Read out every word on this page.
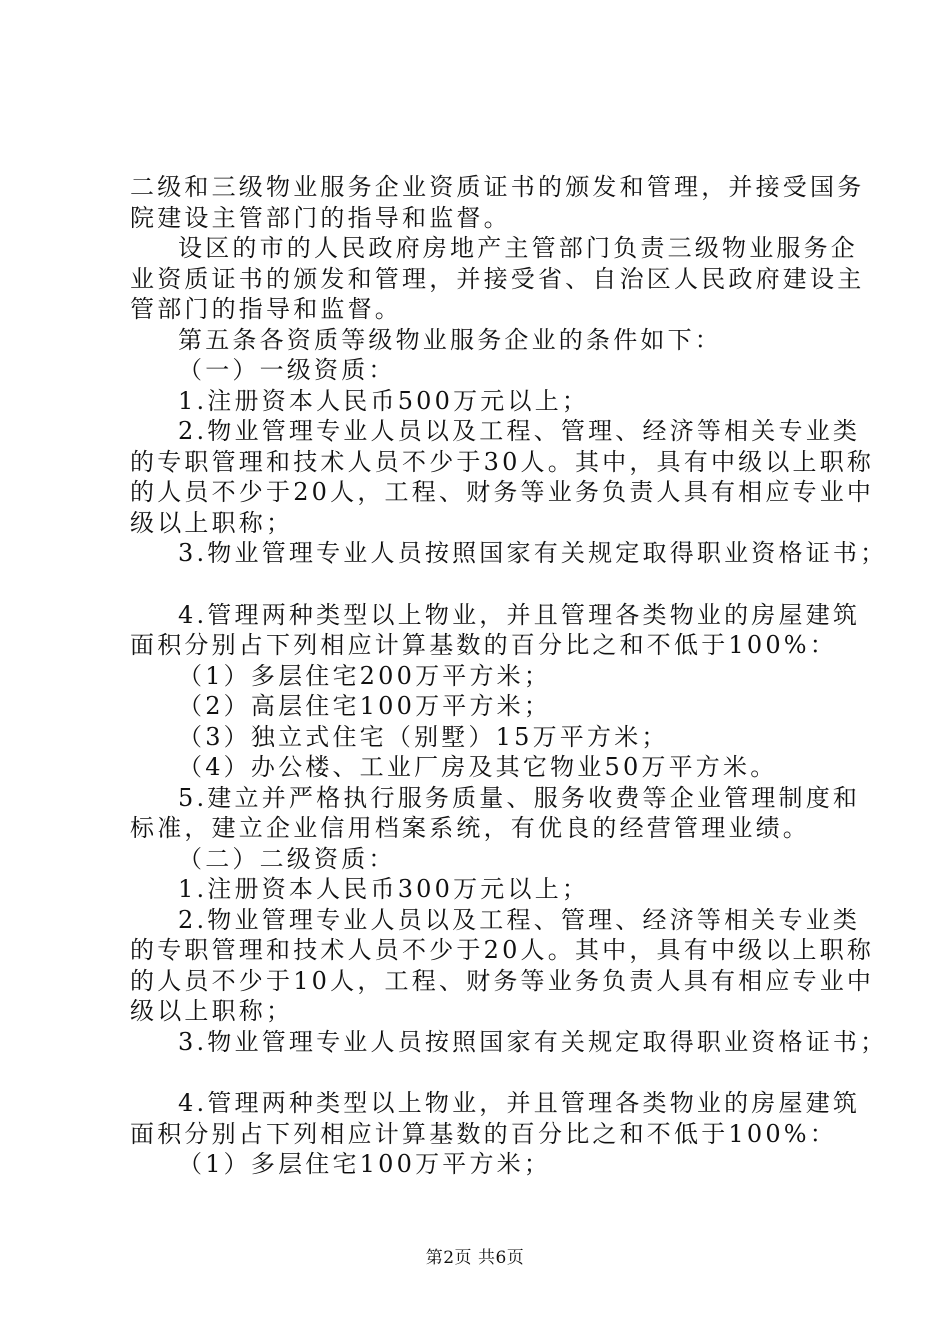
二级和三级物业服务企业资质证书的颁发和管理，并接受国务
院建设主管部门的指导和监督。
设区的市的人民政府房地产主管部门负责三级物业服务企
业资质证书的颁发和管理，并接受省、自治区人民政府建设主
管部门的指导和监督。
第五条各资质等级物业服务企业的条件如下：
（一）一级资质：
1.注册资本人民币500万元以上；
2.物业管理专业人员以及工程、管理、经济等相关专业类
的专职管理和技术人员不少于30人。其中，具有中级以上职称
的人员不少于20人，工程、财务等业务负责人具有相应专业中
级以上职称；
3.物业管理专业人员按照国家有关规定取得职业资格证书；
4.管理两种类型以上物业，并且管理各类物业的房屋建筑
面积分别占下列相应计算基数的百分比之和不低于100%：
（1）多层住宅200万平方米；
（2）高层住宅100万平方米；
（3）独立式住宅（别墅）15万平方米；
（4）办公楼、工业厂房及其它物业50万平方米。
5.建立并严格执行服务质量、服务收费等企业管理制度和
标准，建立企业信用档案系统，有优良的经营管理业绩。
（二）二级资质：
1.注册资本人民币300万元以上；
2.物业管理专业人员以及工程、管理、经济等相关专业类
的专职管理和技术人员不少于20人。其中，具有中级以上职称
的人员不少于10人，工程、财务等业务负责人具有相应专业中
级以上职称；
3.物业管理专业人员按照国家有关规定取得职业资格证书；
4.管理两种类型以上物业，并且管理各类物业的房屋建筑
面积分别占下列相应计算基数的百分比之和不低于100%：
（1）多层住宅100万平方米；
第2页 共6页
